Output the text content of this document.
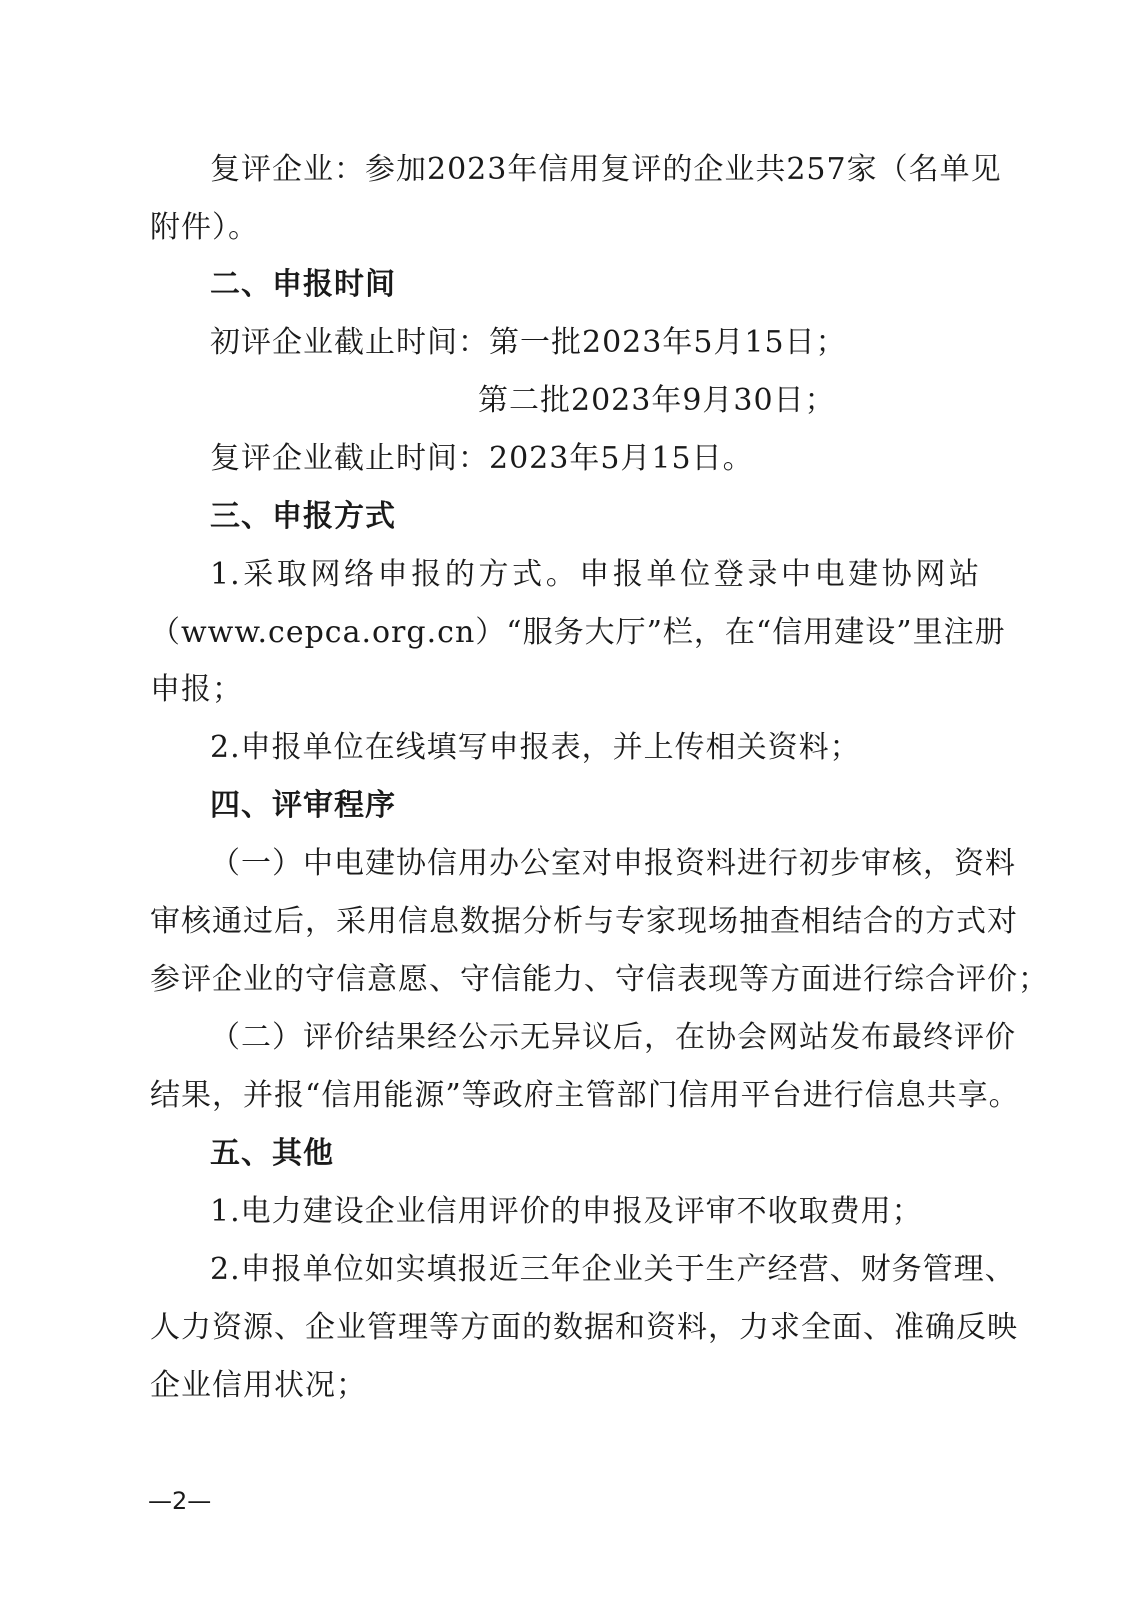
复评企业：参加2023年信用复评的企业共257家（名单见
附件）。
二、申报时间
初评企业截止时间：第一批2023年5月15日；
第二批2023年9月30日；
复评企业截止时间：2023年5月15日。
三、申报方式
1.采取网络申报的方式。申报单位登录中电建协网站
（www.cepca.org.cn）“服务大厅”栏，在“信用建设”里注册
申报；
2.申报单位在线填写申报表，并上传相关资料；
四、评审程序
（一）中电建协信用办公室对申报资料进行初步审核，资料
审核通过后，采用信息数据分析与专家现场抽查相结合的方式对
参评企业的守信意愿、守信能力、守信表现等方面进行综合评价；
（二）评价结果经公示无异议后，在协会网站发布最终评价
结果，并报“信用能源”等政府主管部门信用平台进行信息共享。
五、其他
1.电力建设企业信用评价的申报及评审不收取费用；
2.申报单位如实填报近三年企业关于生产经营、财务管理、
人力资源、企业管理等方面的数据和资料，力求全面、准确反映
企业信用状况；
—2—
